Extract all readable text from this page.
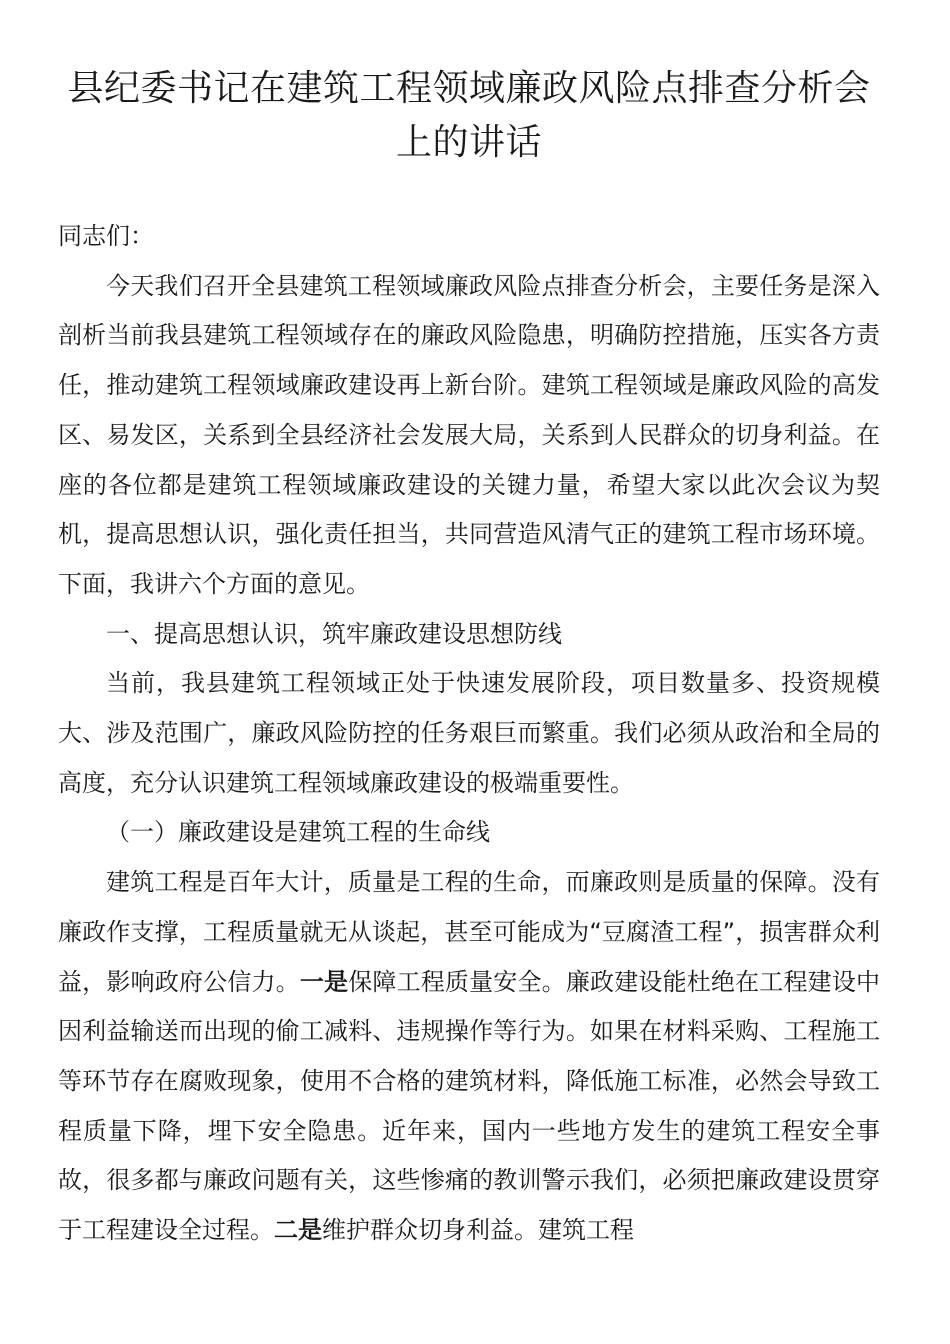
县纪委书记在建筑工程领域廉政风险点排查分析会上的讲话

同志们：

今天我们召开全县建筑工程领域廉政风险点排查分析会，主要任务是深入剖析当前我县建筑工程领域存在的廉政风险隐患，明确防控措施，压实各方责任，推动建筑工程领域廉政建设再上新台阶。建筑工程领域是廉政风险的高发区、易发区，关系到全县经济社会发展大局，关系到人民群众的切身利益。在座的各位都是建筑工程领域廉政建设的关键力量，希望大家以此次会议为契机，提高思想认识，强化责任担当，共同营造风清气正的建筑工程市场环境。下面，我讲六个方面的意见。

一、提高思想认识，筑牢廉政建设思想防线

当前，我县建筑工程领域正处于快速发展阶段，项目数量多、投资规模大、涉及范围广，廉政风险防控的任务艰巨而繁重。我们必须从政治和全局的高度，充分认识建筑工程领域廉政建设的极端重要性。

（一）廉政建设是建筑工程的生命线

建筑工程是百年大计，质量是工程的生命，而廉政则是质量的保障。没有廉政作支撑，工程质量就无从谈起，甚至可能成为“豆腐渣工程”，损害群众利益，影响政府公信力。一是保障工程质量安全。廉政建设能杜绝在工程建设中因利益输送而出现的偷工减料、违规操作等行为。如果在材料采购、工程施工等环节存在腐败现象，使用不合格的建筑材料，降低施工标准，必然会导致工程质量下降，埋下安全隐患。近年来，国内一些地方发生的建筑工程安全事故，很多都与廉政问题有关，这些惨痛的教训警示我们，必须把廉政建设贯穿于工程建设全过程。二是维护群众切身利益。建筑工程
